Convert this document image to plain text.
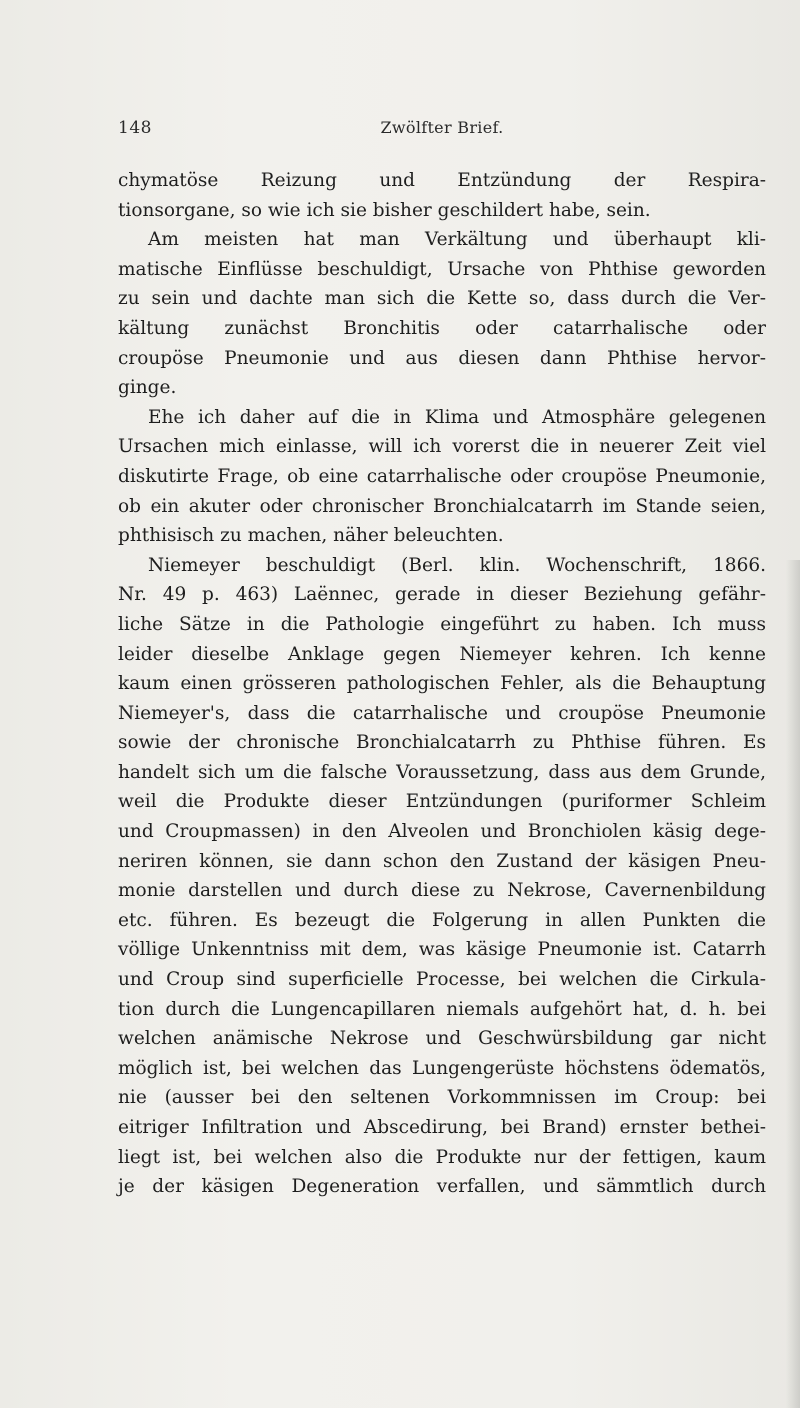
148	Zwölfter Brief.
chymatöse Reizung und Entzündung der Respira-
tionsorgane, so wie ich sie bisher geschildert habe, sein.
Am meisten hat man Verkältung und überhaupt kli-
matische Einflüsse beschuldigt, Ursache von Phthise geworden
zu sein und dachte man sich die Kette so, dass durch die Ver-
kältung zunächst Bronchitis oder catarrhalische oder
croupöse Pneumonie und aus diesen dann Phthise hervor-
ginge.
Ehe ich daher auf die in Klima und Atmosphäre gelegenen
Ursachen mich einlasse, will ich vorerst die in neuerer Zeit viel
diskutirte Frage, ob eine catarrhalische oder croupöse Pneumonie,
ob ein akuter oder chronischer Bronchialcatarrh im Stande seien,
phthisisch zu machen, näher beleuchten.
Niemeyer beschuldigt (Berl. klin. Wochenschrift, 1866.
Nr. 49 p. 463) Laënnec, gerade in dieser Beziehung gefähr-
liche Sätze in die Pathologie eingeführt zu haben. Ich muss
leider dieselbe Anklage gegen Niemeyer kehren. Ich kenne
kaum einen grösseren pathologischen Fehler, als die Behauptung
Niemeyer's, dass die catarrhalische und croupöse Pneumonie
sowie der chronische Bronchialcatarrh zu Phthise führen. Es
handelt sich um die falsche Voraussetzung, dass aus dem Grunde,
weil die Produkte dieser Entzündungen (puriformer Schleim
und Croupmassen) in den Alveolen und Bronchiolen käsig dege-
neriren können, sie dann schon den Zustand der käsigen Pneu-
monie darstellen und durch diese zu Nekrose, Cavernenbildung
etc. führen. Es bezeugt die Folgerung in allen Punkten die
völlige Unkenntniss mit dem, was käsige Pneumonie ist. Catarrh
und Croup sind superficielle Processe, bei welchen die Cirkula-
tion durch die Lungencapillaren niemals aufgehört hat, d. h. bei
welchen anämische Nekrose und Geschwürsbildung gar nicht
möglich ist, bei welchen das Lungengerüste höchstens ödematös,
nie (ausser bei den seltenen Vorkommnissen im Croup: bei
eitriger Infiltration und Abscedirung, bei Brand) ernster bethei-
liegt ist, bei welchen also die Produkte nur der fettigen, kaum
je der käsigen Degeneration verfallen, und sämmtlich durch
